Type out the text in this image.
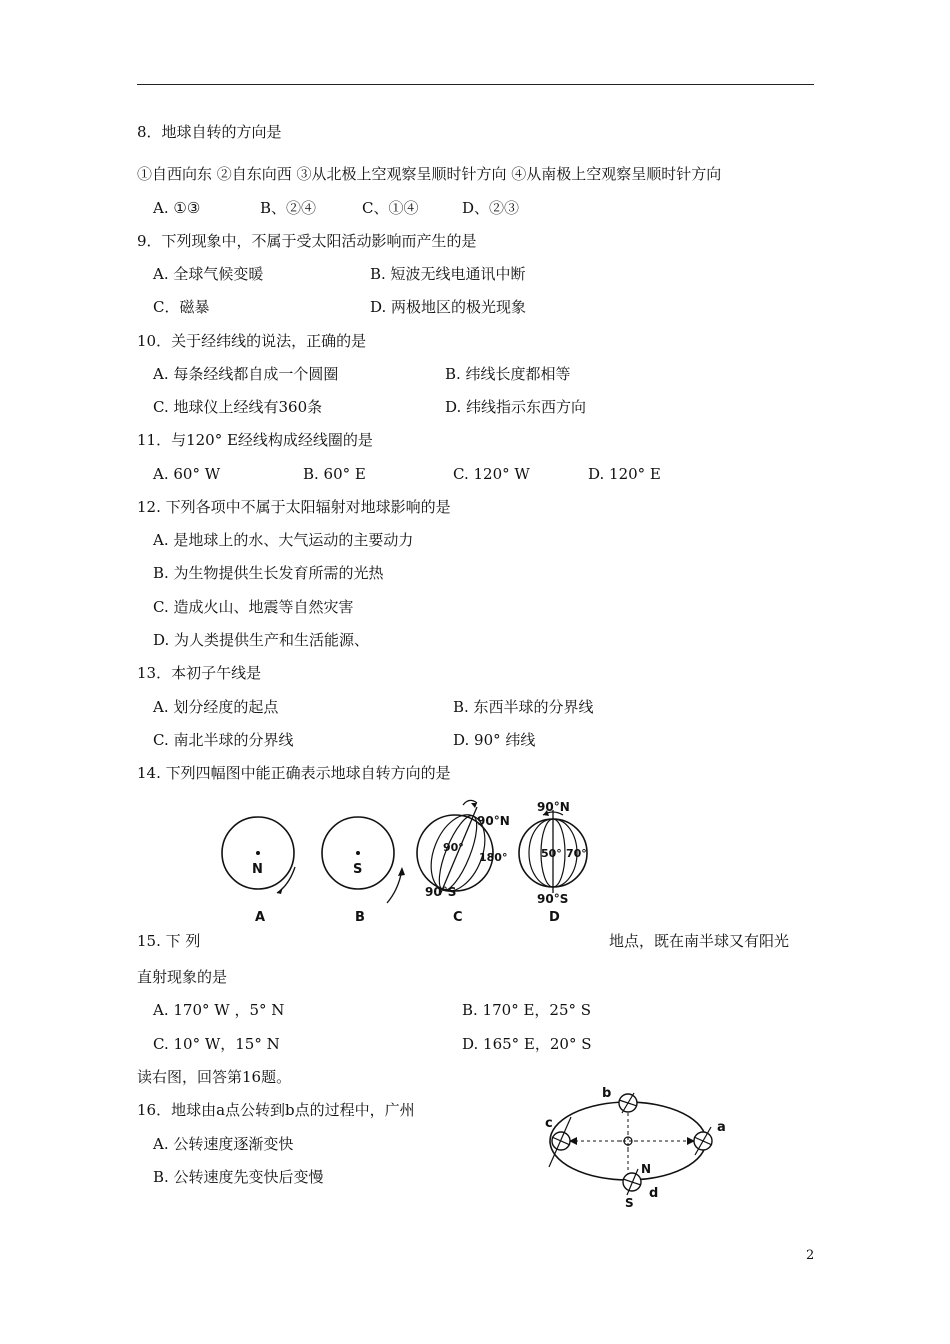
8．地球自转的方向是
①自西向东 ②自东向西 ③从北极上空观察呈顺时针方向 ④从南极上空观察呈顺时针方向
A. ①③	B、②④	C、①④	D、②③
9．下列现象中，不属于受太阳活动影响而产生的是
A. 全球气候变暖	B. 短波无线电通讯中断
C．磁暴	D. 两极地区的极光现象
10．关于经纬线的说法，正确的是
A. 每条经线都自成一个圆圈	B. 纬线长度都相等
C. 地球仪上经线有360条	D. 纬线指示东西方向
11．与120° E经线构成经线圈的是
A. 60° W	B. 60° E	C. 120° W	D. 120° E
12. 下列各项中不属于太阳辐射对地球影响的是
A. 是地球上的水、大气运动的主要动力
B. 为生物提供生长发育所需的光热
C. 造成火山、地震等自然灾害
D. 为人类提供生产和生活能源、
13．本初子午线是
A. 划分经度的起点	B. 东西半球的分界线
C. 南北半球的分界线	D. 90° 纬线
14. 下列四幅图中能正确表示地球自转方向的是
N
A
S
B
90°N
90°
180°
90°S
C
90°N
50° 70°
90°S
D
15. 下 列	地点，既在南半球又有阳光
直射现象的是
A. 170° W ，5° N	B. 170° E，25° S
C. 10° W，15° N	D. 165° E，20° S
读右图，回答第16题。
16．地球由a点公转到b点的过程中，广州
A. 公转速度逐渐变快
B. 公转速度先变快后变慢
b
c	a
N
S
d
2
